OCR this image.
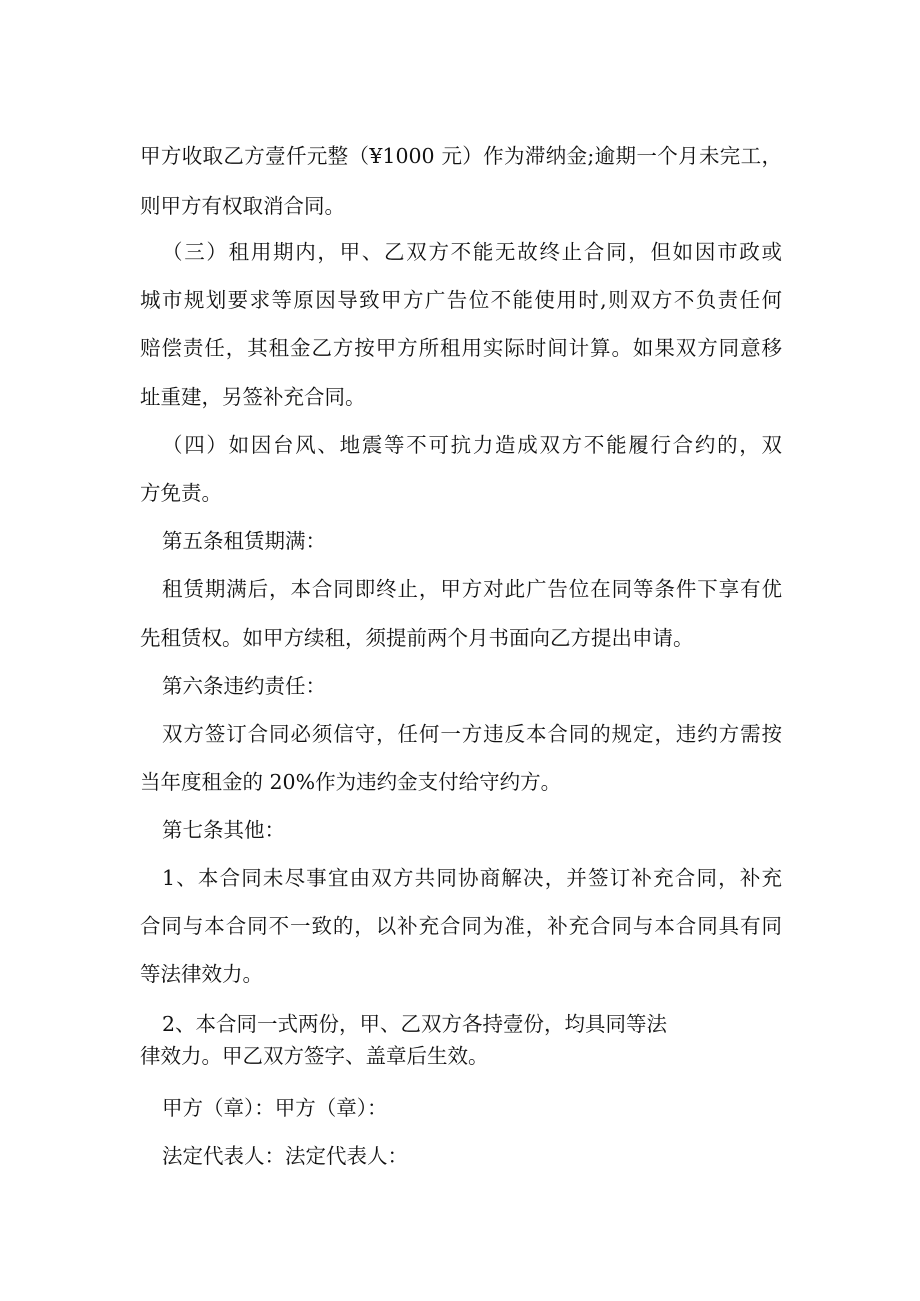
甲方收取乙方壹仟元整（¥1000 元）作为滞纳金;逾期一个月未完工，
则甲方有权取消合同。
（三）租用期内，甲、乙双方不能无故终止合同，但如因市政或
城市规划要求等原因导致甲方广告位不能使用时,则双方不负责任何
赔偿责任，其租金乙方按甲方所租用实际时间计算。如果双方同意移
址重建，另签补充合同。
（四）如因台风、地震等不可抗力造成双方不能履行合约的，双
方免责。
第五条租赁期满：
租赁期满后，本合同即终止，甲方对此广告位在同等条件下享有优
先租赁权。如甲方续租，须提前两个月书面向乙方提出申请。
第六条违约责任：
双方签订合同必须信守，任何一方违反本合同的规定，违约方需按
当年度租金的 20%作为违约金支付给守约方。
第七条其他：
1、本合同未尽事宜由双方共同协商解决，并签订补充合同，补充
合同与本合同不一致的，以补充合同为准，补充合同与本合同具有同
等法律效力。
2、本合同一式两份，甲、乙双方各持壹份，均具同等法
律效力。甲乙双方签字、盖章后生效。
甲方（章）：甲方（章）：
法定代表人：法定代表人：
